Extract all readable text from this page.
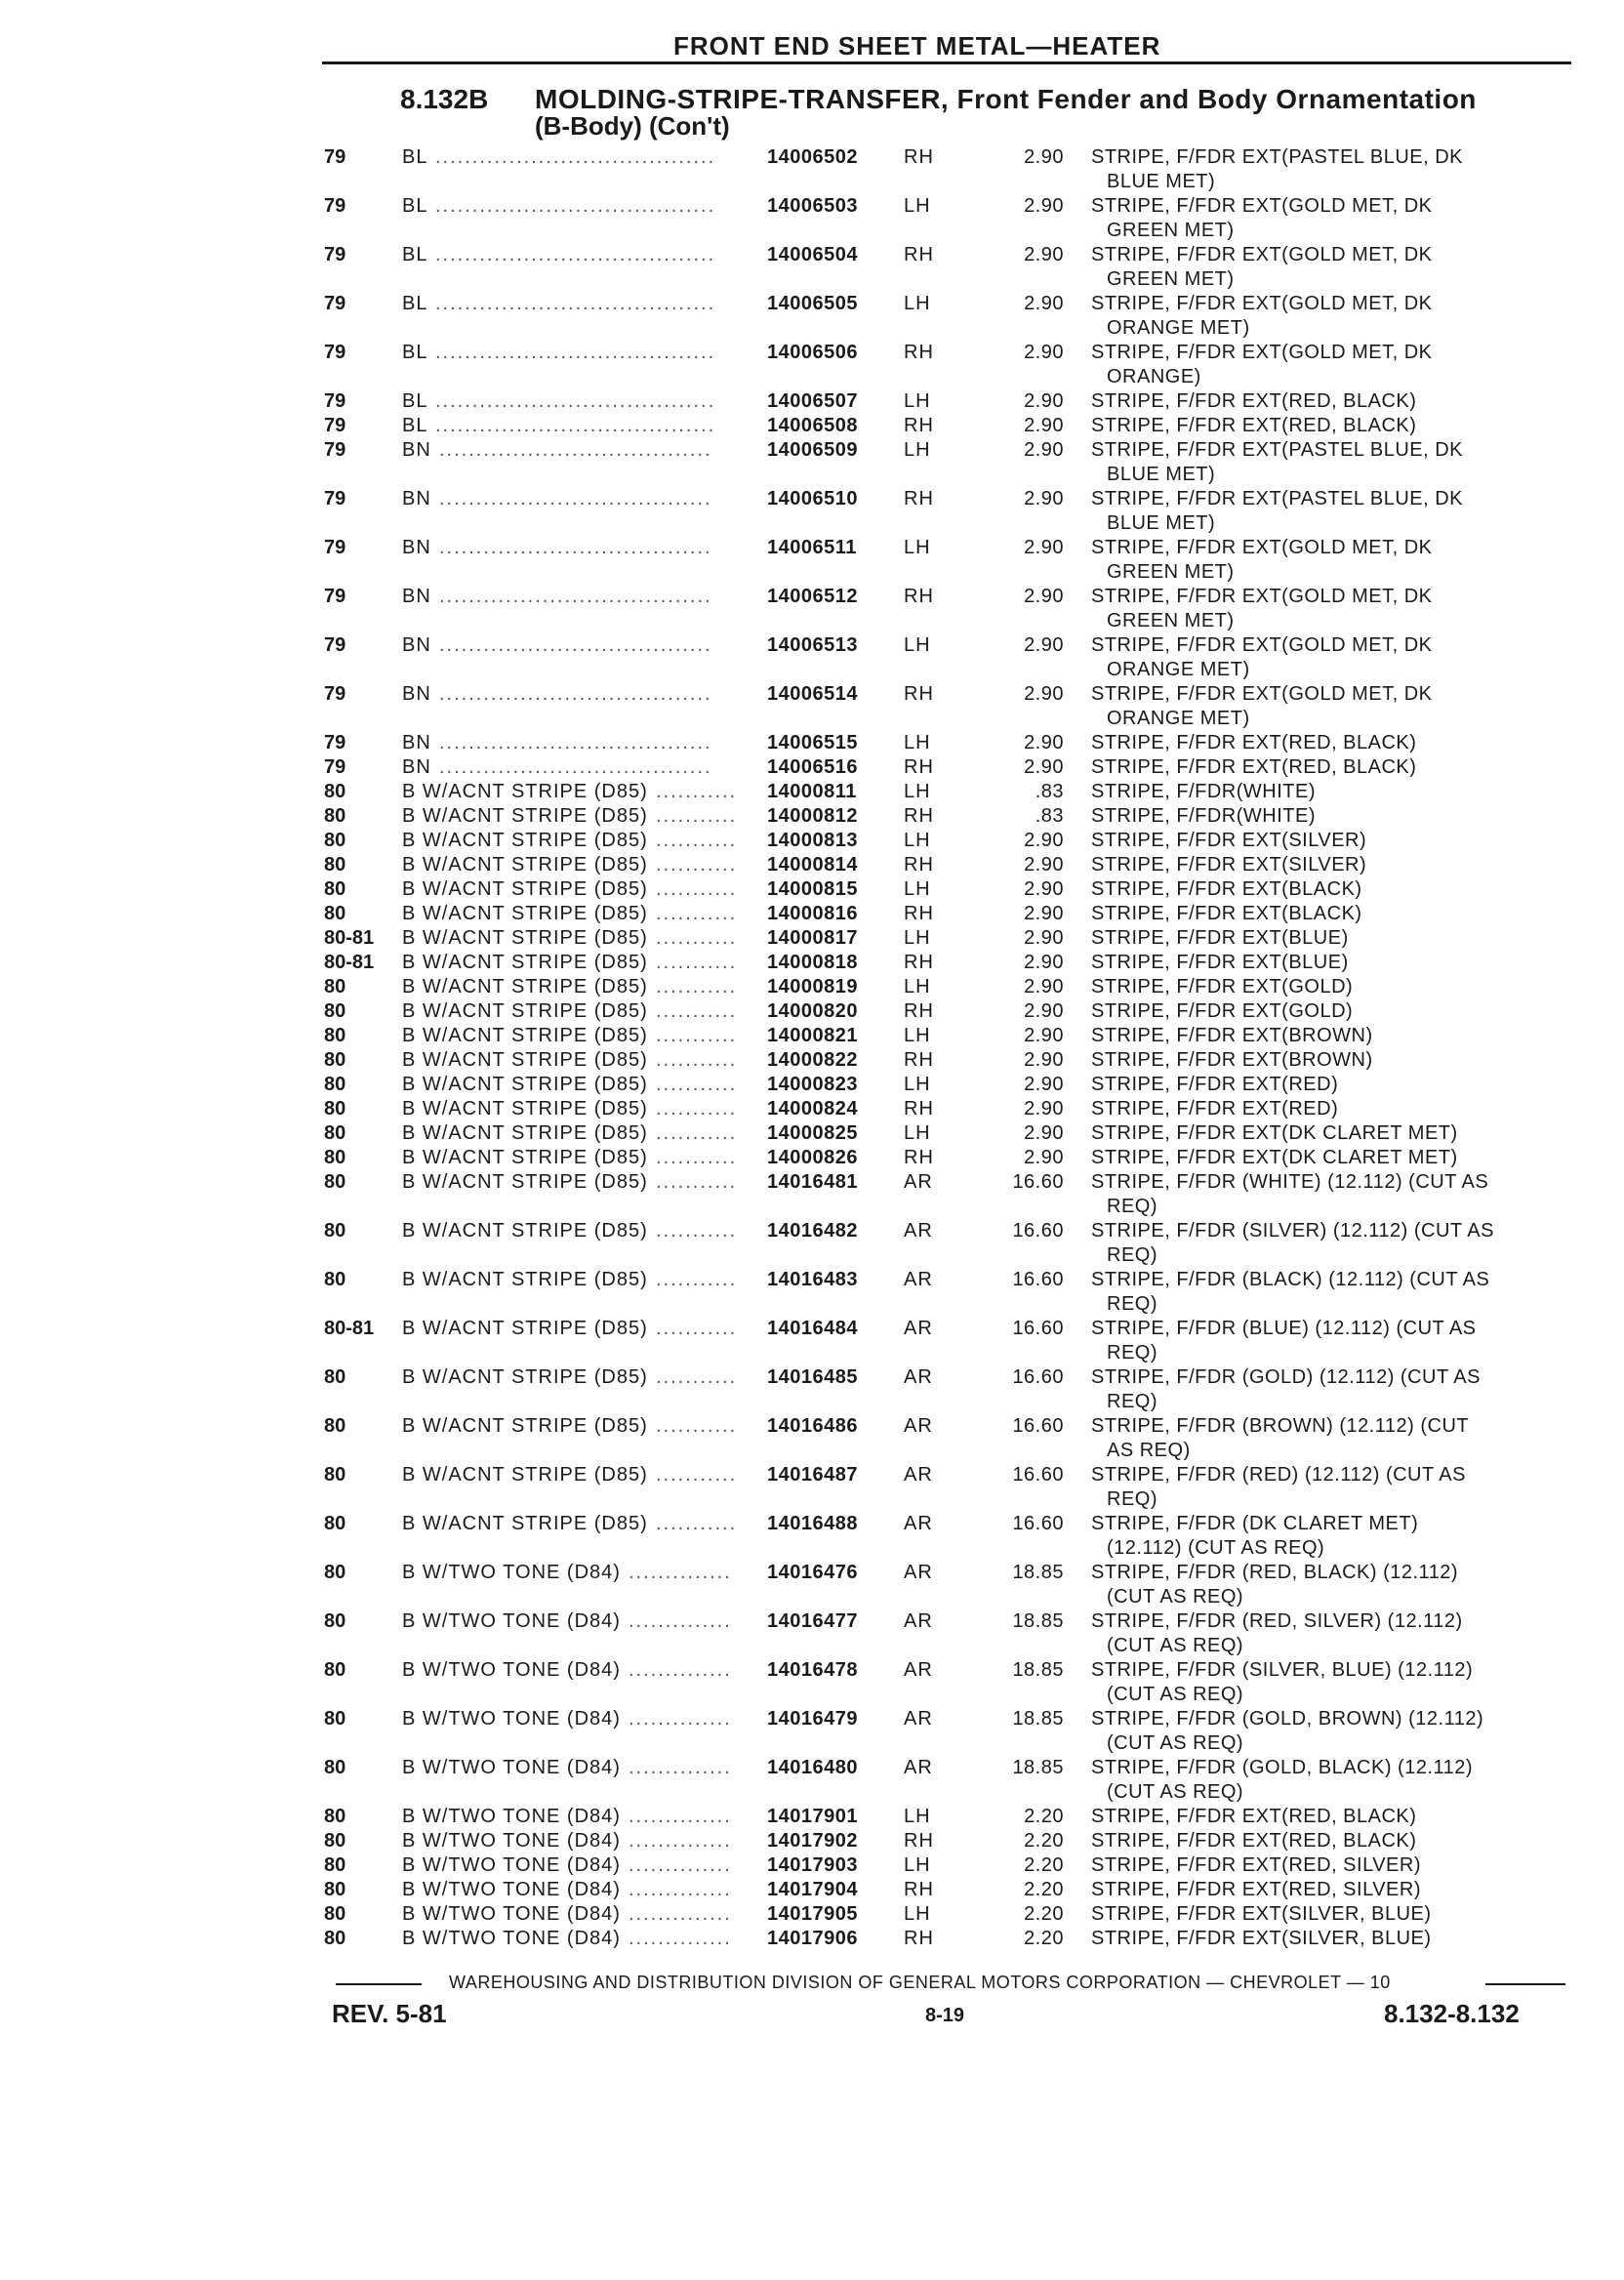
FRONT END SHEET METAL—HEATER
8.132B MOLDING-STRIPE-TRANSFER, Front Fender and Body Ornamentation
(B-Body) (Con't)
79	BL	14006502 RH	2.90 STRIPE, F/FDR EXT(PASTEL BLUE, DK
......................................
BLUE MET)
79	BL	14006503 LH	2.90 STRIPE, F/FDR EXT(GOLD MET, DK
......................................
GREEN MET)
79	BL	14006504 RH	2.90 STRIPE, F/FDR EXT(GOLD MET, DK
......................................
GREEN MET)
79	BL	14006505 LH	2.90 STRIPE, F/FDR EXT(GOLD MET, DK
......................................
ORANGE MET)
79	BL	14006506 RH	2.90 STRIPE, F/FDR EXT(GOLD MET, DK
......................................
ORANGE)
79	BL	14006507 LH	2.90 STRIPE, F/FDR EXT(RED, BLACK)
......................................
79	BL	14006508 RH	2.90 STRIPE, F/FDR EXT(RED, BLACK)
......................................
79	BN	14006509 LH	2.90 STRIPE, F/FDR EXT(PASTEL BLUE, DK
.....................................
BLUE MET)
79	BN	14006510 RH	2.90 STRIPE, F/FDR EXT(PASTEL BLUE, DK
.....................................
BLUE MET)
79	BN	14006511 LH	2.90 STRIPE, F/FDR EXT(GOLD MET, DK
.....................................
GREEN MET)
79	BN	14006512 RH	2.90 STRIPE, F/FDR EXT(GOLD MET, DK
.....................................
GREEN MET)
79	BN	14006513 LH	2.90 STRIPE, F/FDR EXT(GOLD MET, DK
.....................................
ORANGE MET)
79	BN	14006514 RH	2.90 STRIPE, F/FDR EXT(GOLD MET, DK
.....................................
ORANGE MET)
79	BN	14006515 LH	2.90 STRIPE, F/FDR EXT(RED, BLACK)
.....................................
79	BN	14006516 RH	2.90 STRIPE, F/FDR EXT(RED, BLACK)
.....................................
80	B W/ACNT STRIPE (D85)	14000811 LH	.83 STRIPE, F/FDR(WHITE)
...........
80	B W/ACNT STRIPE (D85)	14000812 RH	.83 STRIPE, F/FDR(WHITE)
...........
80	B W/ACNT STRIPE (D85)	14000813 LH	2.90 STRIPE, F/FDR EXT(SILVER)
...........
80	B W/ACNT STRIPE (D85)	14000814 RH	2.90 STRIPE, F/FDR EXT(SILVER)
...........
80	B W/ACNT STRIPE (D85)	14000815 LH	2.90 STRIPE, F/FDR EXT(BLACK)
...........
80	B W/ACNT STRIPE (D85)	14000816 RH	2.90 STRIPE, F/FDR EXT(BLACK)
...........
80-81 B W/ACNT STRIPE (D85)	14000817 LH	2.90 STRIPE, F/FDR EXT(BLUE)
...........
80-81 B W/ACNT STRIPE (D85)	14000818 RH	2.90 STRIPE, F/FDR EXT(BLUE)
...........
80	B W/ACNT STRIPE (D85)	14000819 LH	2.90 STRIPE, F/FDR EXT(GOLD)
...........
80	B W/ACNT STRIPE (D85)	14000820 RH	2.90 STRIPE, F/FDR EXT(GOLD)
...........
80	B W/ACNT STRIPE (D85)	14000821 LH	2.90 STRIPE, F/FDR EXT(BROWN)
...........
80	B W/ACNT STRIPE (D85)	14000822 RH	2.90 STRIPE, F/FDR EXT(BROWN)
...........
80	B W/ACNT STRIPE (D85)	14000823 LH	2.90 STRIPE, F/FDR EXT(RED)
...........
80	B W/ACNT STRIPE (D85)	14000824 RH	2.90 STRIPE, F/FDR EXT(RED)
...........
80	B W/ACNT STRIPE (D85)	14000825 LH	2.90 STRIPE, F/FDR EXT(DK CLARET MET)
...........
80	B W/ACNT STRIPE (D85)	14000826 RH	2.90 STRIPE, F/FDR EXT(DK CLARET MET)
...........
80	B W/ACNT STRIPE (D85)	14016481 AR	16.60 STRIPE, F/FDR (WHITE) (12.112) (CUT AS
...........
REQ)
80	B W/ACNT STRIPE (D85)	14016482 AR	16.60 STRIPE, F/FDR (SILVER) (12.112) (CUT AS
...........
REQ)
80	B W/ACNT STRIPE (D85)	14016483 AR	16.60 STRIPE, F/FDR (BLACK) (12.112) (CUT AS
...........
REQ)
80-81 B W/ACNT STRIPE (D85)	14016484 AR	16.60 STRIPE, F/FDR (BLUE) (12.112) (CUT AS
...........
REQ)
80	B W/ACNT STRIPE (D85)	14016485 AR	16.60 STRIPE, F/FDR (GOLD) (12.112) (CUT AS
...........
REQ)
80	B W/ACNT STRIPE (D85)	14016486 AR	16.60 STRIPE, F/FDR (BROWN) (12.112) (CUT
...........
AS REQ)
80	B W/ACNT STRIPE (D85)	14016487 AR	16.60 STRIPE, F/FDR (RED) (12.112) (CUT AS
...........
REQ)
80	B W/ACNT STRIPE (D85)	14016488 AR	16.60 STRIPE, F/FDR (DK CLARET MET)
...........
(12.112) (CUT AS REQ)
80	B W/TWO TONE (D84)	14016476 AR	18.85 STRIPE, F/FDR (RED, BLACK) (12.112)
..............
(CUT AS REQ)
80	B W/TWO TONE (D84)	14016477 AR	18.85 STRIPE, F/FDR (RED, SILVER) (12.112)
..............
(CUT AS REQ)
80	B W/TWO TONE (D84)	14016478 AR	18.85 STRIPE, F/FDR (SILVER, BLUE) (12.112)
..............
(CUT AS REQ)
80	B W/TWO TONE (D84)	14016479 AR	18.85 STRIPE, F/FDR (GOLD, BROWN) (12.112)
..............
(CUT AS REQ)
80	B W/TWO TONE (D84)	14016480 AR	18.85 STRIPE, F/FDR (GOLD, BLACK) (12.112)
..............
(CUT AS REQ)
80	B W/TWO TONE (D84)	14017901 LH	2.20 STRIPE, F/FDR EXT(RED, BLACK)
..............
80	B W/TWO TONE (D84)	14017902 RH	2.20 STRIPE, F/FDR EXT(RED, BLACK)
..............
80	B W/TWO TONE (D84)	14017903 LH	2.20 STRIPE, F/FDR EXT(RED, SILVER)
..............
80	B W/TWO TONE (D84)	14017904 RH	2.20 STRIPE, F/FDR EXT(RED, SILVER)
..............
80	B W/TWO TONE (D84)	14017905 LH	2.20 STRIPE, F/FDR EXT(SILVER, BLUE)
..............
80	B W/TWO TONE (D84)	14017906 RH	2.20 STRIPE, F/FDR EXT(SILVER, BLUE)
..............
WAREHOUSING AND DISTRIBUTION DIVISION OF GENERAL MOTORS CORPORATION — CHEVROLET — 10
REV. 5-81	8-19	8.132-8.132
